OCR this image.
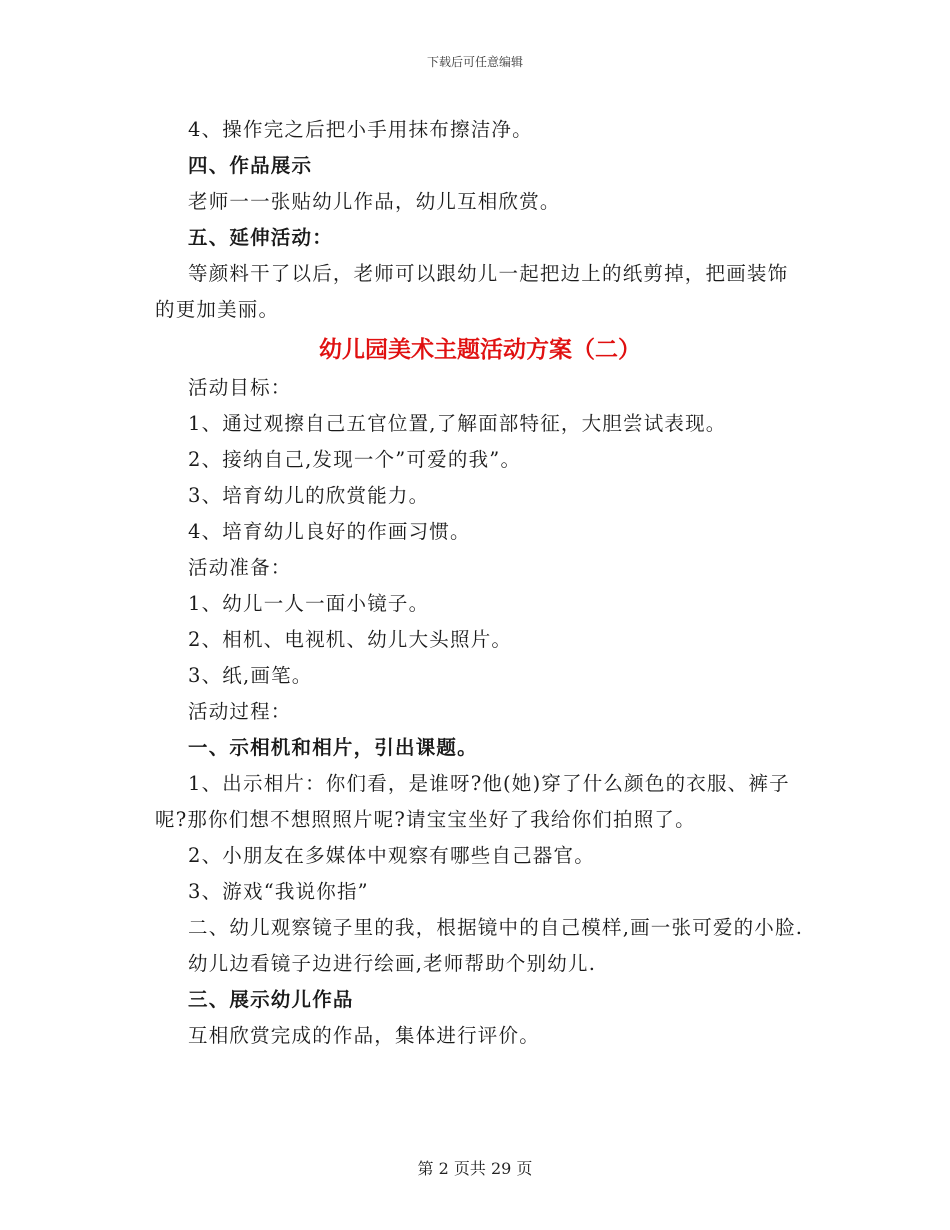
下载后可任意编辑

4、操作完之后把小手用抹布擦洁净。

四、作品展示

老师一一张贴幼儿作品，幼儿互相欣赏。

五、延伸活动：

等颜料干了以后，老师可以跟幼儿一起把边上的纸剪掉，把画装饰的更加美丽。

幼儿园美术主题活动方案（二）

活动目标：

1、通过观擦自己五官位置,了解面部特征，大胆尝试表现。

2、接纳自己,发现一个”可爱的我”。

3、培育幼儿的欣赏能力。

4、培育幼儿良好的作画习惯。

活动准备：

1、幼儿一人一面小镜子。

2、相机、电视机、幼儿大头照片。

3、纸,画笔。

活动过程：

一、示相机和相片，引出课题。

1、出示相片：你们看，是谁呀?他(她)穿了什么颜色的衣服、裤子呢?那你们想不想照照片呢?请宝宝坐好了我给你们拍照了。

2、小朋友在多媒体中观察有哪些自己器官。

3、游戏“我说你指”

二、幼儿观察镜子里的我，根据镜中的自己模样,画一张可爱的小脸.

幼儿边看镜子边进行绘画,老师帮助个别幼儿.

三、展示幼儿作品

互相欣赏完成的作品，集体进行评价。

第 2 页共 29 页
